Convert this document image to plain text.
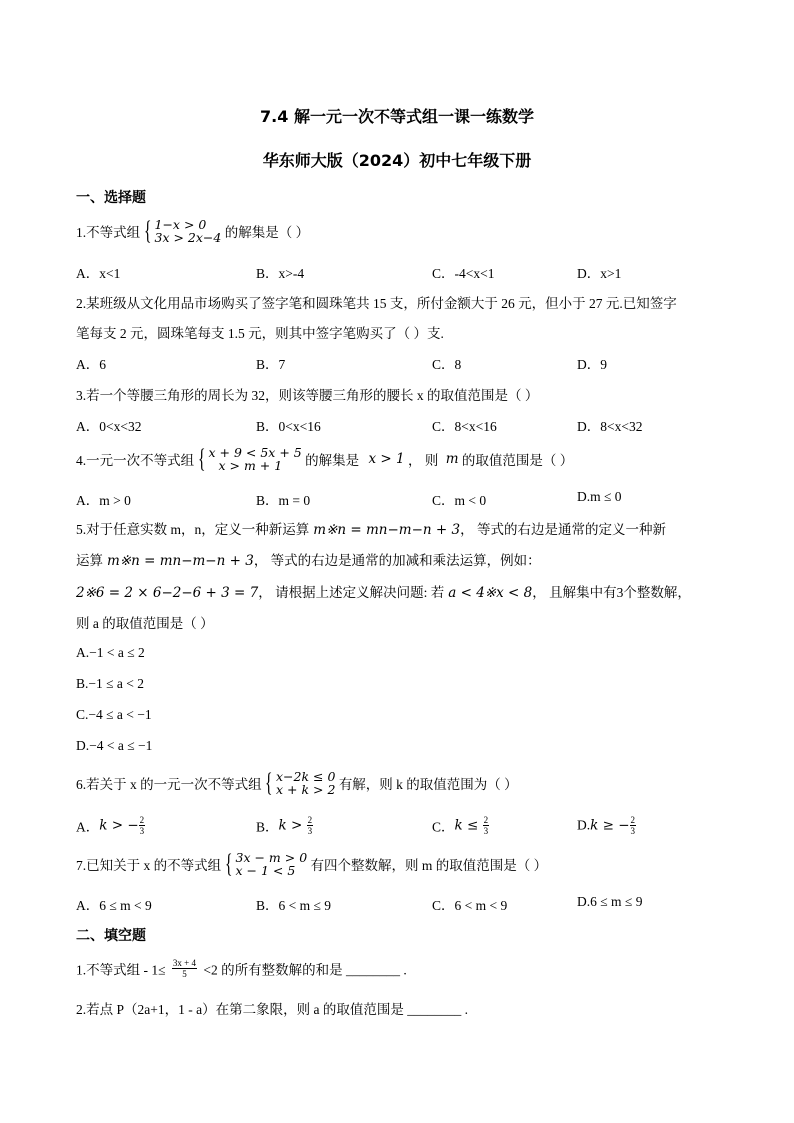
7.4 解一元一次不等式组一课一练数学
华东师大版（2024）初中七年级下册
一、选择题
1.不等式组 { 1−x > 0
3x > 2x−4 的解集是（ ）
A．x<1	B．x>-4	C．-4<x<1	D．x>1
2.某班级从文化用品市场购买了签字笔和圆珠笔共 15 支，所付金额大于 26 元，但小于 27 元.已知签字
笔每支 2 元，圆珠笔每支 1.5 元，则其中签字笔购买了（ ）支.
A．6	B．7	C．8	D．9
3.若一个等腰三角形的周长为 32，则该等腰三角形的腰长 x 的取值范围是（ ）
A．0<x<32	B．0<x<16	C．8<x<16	D．8<x<32
4.一元一次不等式组 { x + 9 < 5x + 5
x > m + 1	的解集是 x > 1 ， 则 m 的取值范围是（ ）
A．m > 0	B．m = 0	C．m < 0	D.m ≤ 0
5.对于任意实数 m，n，定义一种新运算 m※n = mn−m−n + 3， 等式的右边是通常的定义一种新
运算 m※n = mn−m−n + 3， 等式的右边是通常的加减和乘法运算，例如：
2※6 = 2 × 6−2−6 + 3 = 7， 请根据上述定义解决问题: 若 a < 4※x < 8， 且解集中有3个整数解，
则 a 的取值范围是（ ）
A.−1 < a ≤ 2
B.−1 ≤ a < 2
C.−4 ≤ a < −1
D.−4 < a ≤ −1
6.若关于 x 的一元一次不等式组 { x−2k ≤ 0
x + k > 2 有解，则 k 的取值范围为（ ）
A．k > − $\frac{2}{3}$	B．$k > \frac{2}{3}$	C．$k \le \frac{2}{3}$	D.k ≥ − $\frac{2}{3}$
7.已知关于 x 的不等式组 { 3x − m > 0
x − 1 < 5	有四个整数解，则 m 的取值范围是（ ）
A．6 ≤ m < 9	B．6 < m ≤ 9	C．6 < m < 9	D.6 ≤ m ≤ 9
二、填空题
1.不等式组 - $1\le \frac{3x + 4}{5} <2$ 的所有整数解的和是 ________ .
2.若点 P（2a+1，1 - a）在第二象限，则 a 的取值范围是 ________ .
